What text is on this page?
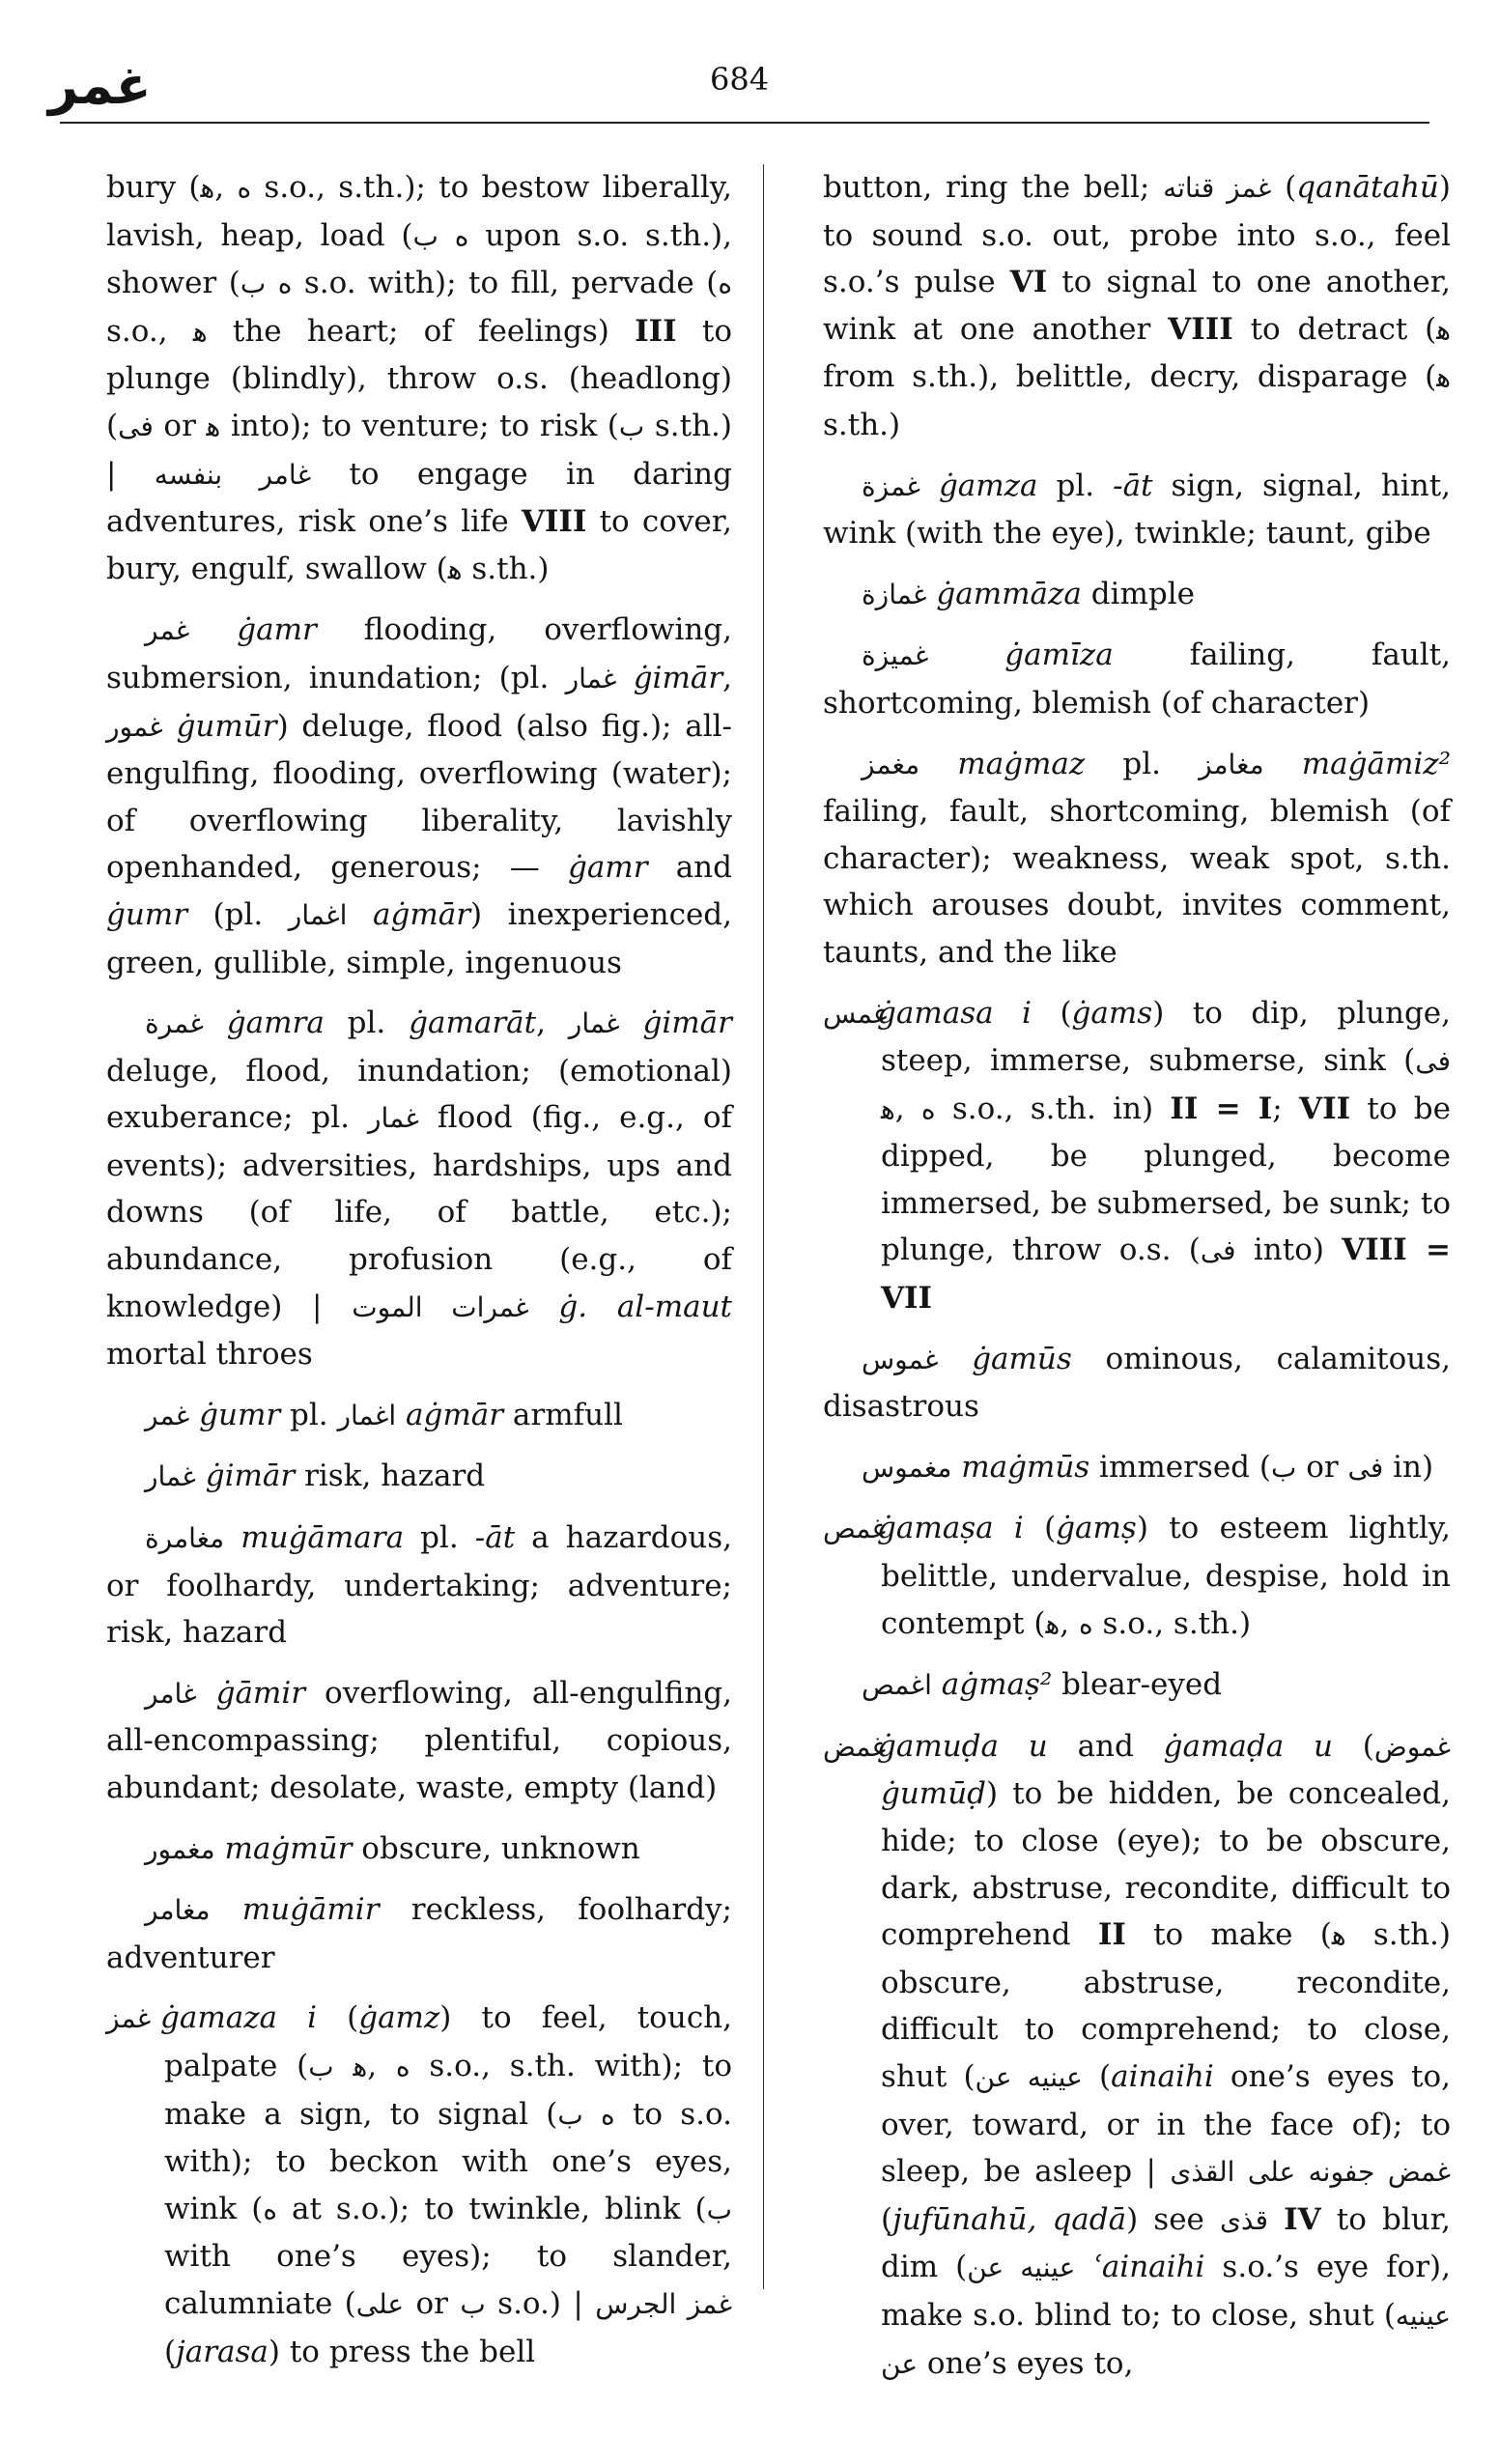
غمر	684

bury (ﻫ, ه s.o., s.th.); to bestow liberally, lavish, heap, load (ب ه upon s.o. s.th.), shower (ب ه s.o. with); to fill, pervade (ه s.o., ﻫ the heart; of feelings) III to plunge (blindly), throw o.s. (headlong) (ﻓﻰ or ﻫ into); to venture; to risk (ب s.th.) | غامر بنفسه to engage in daring adventures, risk one’s life VIII to cover, bury, engulf, swallow (ﻫ s.th.)

غمر ġamr flooding, overflowing, submersion, inundation; (pl. غمار ġimār, غمور ġumūr) deluge, flood (also fig.); all-engulfing, flooding, overflowing (water); of overflowing liberality, lavishly openhanded, generous; — ġamr and ġumr (pl. اغمار aġmār) inexperienced, green, gullible, simple, ingenuous

غمرة ġamra pl. ġamarāt, غمار ġimār deluge, flood, inundation; (emotional) exuberance; pl. غمار flood (fig., e.g., of events); adversities, hardships, ups and downs (of life, of battle, etc.); abundance, profusion (e.g., of knowledge) | غمرات الموت ġ. al-maut mortal throes

غمر ġumr pl. اغمار aġmār armfull

غمار ġimār risk, hazard

مغامرة muġāmara pl. -āt a hazardous, or foolhardy, undertaking; adventure; risk, hazard

غامر ġāmir overflowing, all-engulfing, all-encompassing; plentiful, copious, abundant; desolate, waste, empty (land)

مغمور maġmūr obscure, unknown

مغامر muġāmir reckless, foolhardy; adventurer

غمز ġamaza i (ġamz) to feel, touch, palpate (ب ﻫ, ه s.o., s.th. with); to make a sign, to signal (ب ه to s.o. with); to beckon with one’s eyes, wink (ه at s.o.); to twinkle, blink (ب with one’s eyes); to slander, calumniate (على or ب s.o.) | غمز الجرس (jarasa) to press the bell

button, ring the bell; غمز قناته (qanātahū) to sound s.o. out, probe into s.o., feel s.o.’s pulse VI to signal to one another, wink at one another VIII to detract (ﻫ from s.th.), belittle, decry, disparage (ﻫ s.th.)

غمزة ġamza pl. -āt sign, signal, hint, wink (with the eye), twinkle; taunt, gibe

غمازة ġammāza dimple

غميزة	ġamīza failing, fault, shortcoming, blemish (of character)

مغمز maġmaz pl. مغامز maġāmiz² failing, fault, shortcoming, blemish (of character); weakness, weak spot, s.th. which arouses doubt, invites comment, taunts, and the like

غمسġamasa i (ġams) to dip, plunge, steep, immerse, submerse, sink (ﻓﻰ ﻫ, ه s.o., s.th. in) II = I; VII to be dipped, be plunged, become immersed, be submersed, be sunk; to plunge, throw o.s. (ﻓﻰ into) VIII = VII

غموس ġamūs ominous, calamitous, disastrous

مغموس maġmūs immersed (ب or ﻓﻰ in)

غمصġamaṣa i (ġamṣ) to esteem lightly, belittle, undervalue, despise, hold in contempt (ﻫ, ه s.o., s.th.)

اغمص aġmaṣ² blear-eyed

غمضġamuḍa u and ġamaḍa u (غموض ġumūḍ) to be hidden, be concealed, hide; to close (eye); to be obscure, dark, abstruse, recondite, difficult to comprehend II to make (ﻫ s.th.) obscure, abstruse, recondite, difficult to comprehend; to close, shut (عينيه عن (ainaihi one’s eyes to, over, toward, or in the face of); to sleep, be asleep | غمض جفونه على القذى (jufūnahū, qadā) see قذى IV to blur, dim (عينيه عن ʿainaihi s.o.’s eye for), make s.o. blind to; to close, shut (عينيه عن one’s eyes to,
